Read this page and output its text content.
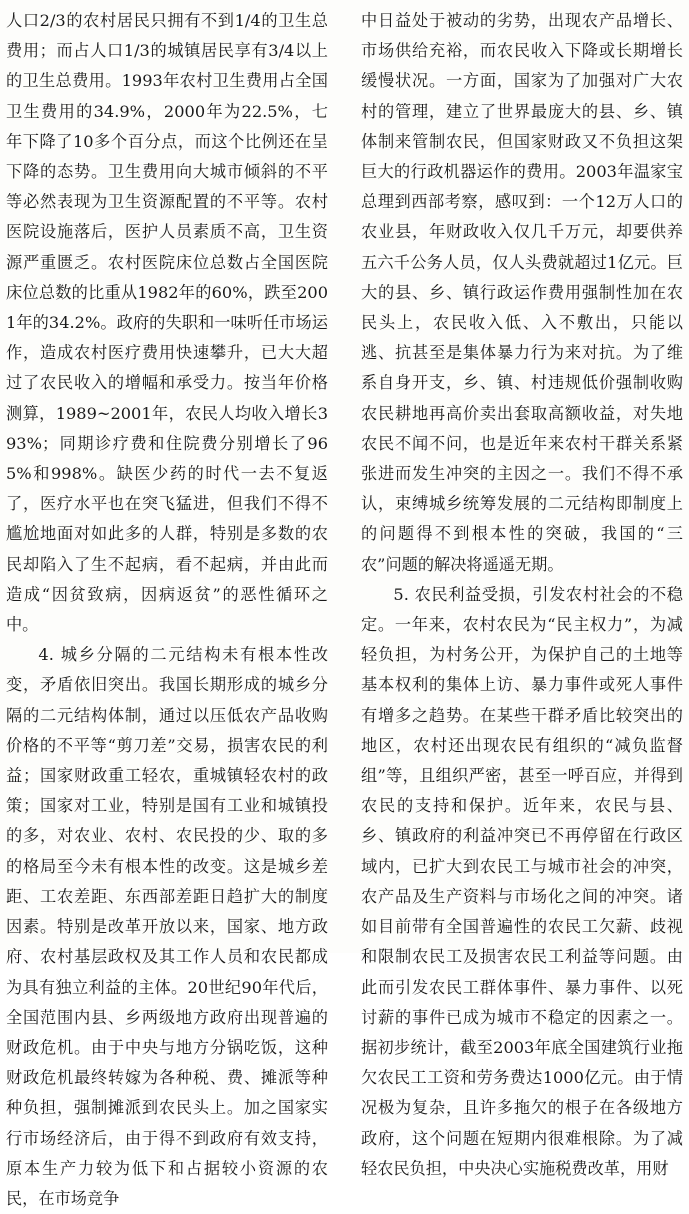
人口2/3的农村居民只拥有不到1/4的卫生总费用；而占人口1/3的城镇居民享有3/4以上的卫生总费用。1993年农村卫生费用占全国卫生费用的34.9%，2000年为22.5%，七年下降了10多个百分点，而这个比例还在呈下降的态势。卫生费用向大城市倾斜的不平等必然表现为卫生资源配置的不平等。农村医院设施落后，医护人员素质不高，卫生资源严重匮乏。农村医院床位总数占全国医院床位总数的比重从1982年的60%，跌至2001年的34.2%。政府的失职和一味听任市场运作，造成农村医疗费用快速攀升，已大大超过了农民收入的增幅和承受力。按当年价格测算，1989~2001年，农民人均收入增长393%；同期诊疗费和住院费分别增长了965%和998%。缺医少药的时代一去不复返了，医疗水平也在突飞猛进，但我们不得不尴尬地面对如此多的人群，特别是多数的农民却陷入了生不起病，看不起病，并由此而造成“因贫致病，因病返贫”的恶性循环之中。

4. 城乡分隔的二元结构未有根本性改变，矛盾依旧突出。我国长期形成的城乡分隔的二元结构体制，通过以压低农产品收购价格的不平等“剪刀差”交易，损害农民的利益；国家财政重工轻农，重城镇轻农村的政策；国家对工业，特别是国有工业和城镇投的多，对农业、农村、农民投的少、取的多的格局至今未有根本性的改变。这是城乡差距、工农差距、东西部差距日趋扩大的制度因素。特别是改革开放以来，国家、地方政府、农村基层政权及其工作人员和农民都成为具有独立利益的主体。20世纪90年代后，全国范围内县、乡两级地方政府出现普遍的财政危机。由于中央与地方分锅吃饭，这种财政危机最终转嫁为各种税、费、摊派等种种负担，强制摊派到农民头上。加之国家实行市场经济后，由于得不到政府有效支持，原本生产力较为低下和占据较小资源的农民，在市场竞争

中日益处于被动的劣势，出现农产品增长、市场供给充裕，而农民收入下降或长期增长缓慢状况。一方面，国家为了加强对广大农村的管理，建立了世界最庞大的县、乡、镇体制来管制农民，但国家财政又不负担这架巨大的行政机器运作的费用。2003年温家宝总理到西部考察，感叹到：一个12万人口的农业县，年财政收入仅几千万元，却要供养五六千公务人员，仅人头费就超过1亿元。巨大的县、乡、镇行政运作费用强制性加在农民头上，农民收入低、入不敷出，只能以逃、抗甚至是集体暴力行为来对抗。为了维系自身开支，乡、镇、村违规低价强制收购农民耕地再高价卖出套取高额收益，对失地农民不闻不问，也是近年来农村干群关系紧张进而发生冲突的主因之一。我们不得不承认，束缚城乡统筹发展的二元结构即制度上的问题得不到根本性的突破，我国的“三农”问题的解决将遥遥无期。

5. 农民利益受损，引发农村社会的不稳定。一年来，农村农民为“民主权力”，为减轻负担，为村务公开，为保护自己的土地等基本权利的集体上访、暴力事件或死人事件有增多之趋势。在某些干群矛盾比较突出的地区，农村还出现农民有组织的“减负监督组”等，且组织严密，甚至一呼百应，并得到农民的支持和保护。近年来，农民与县、乡、镇政府的利益冲突已不再停留在行政区域内，已扩大到农民工与城市社会的冲突，农产品及生产资料与市场化之间的冲突。诸如目前带有全国普遍性的农民工欠薪、歧视和限制农民工及损害农民工利益等问题。由此而引发农民工群体事件、暴力事件、以死讨薪的事件已成为城市不稳定的因素之一。据初步统计，截至2003年底全国建筑行业拖欠农民工工资和劳务费达1000亿元。由于情况极为复杂，且许多拖欠的根子在各级地方政府，这个问题在短期内很难根除。为了减轻农民负担，中央决心实施税费改革，用财
